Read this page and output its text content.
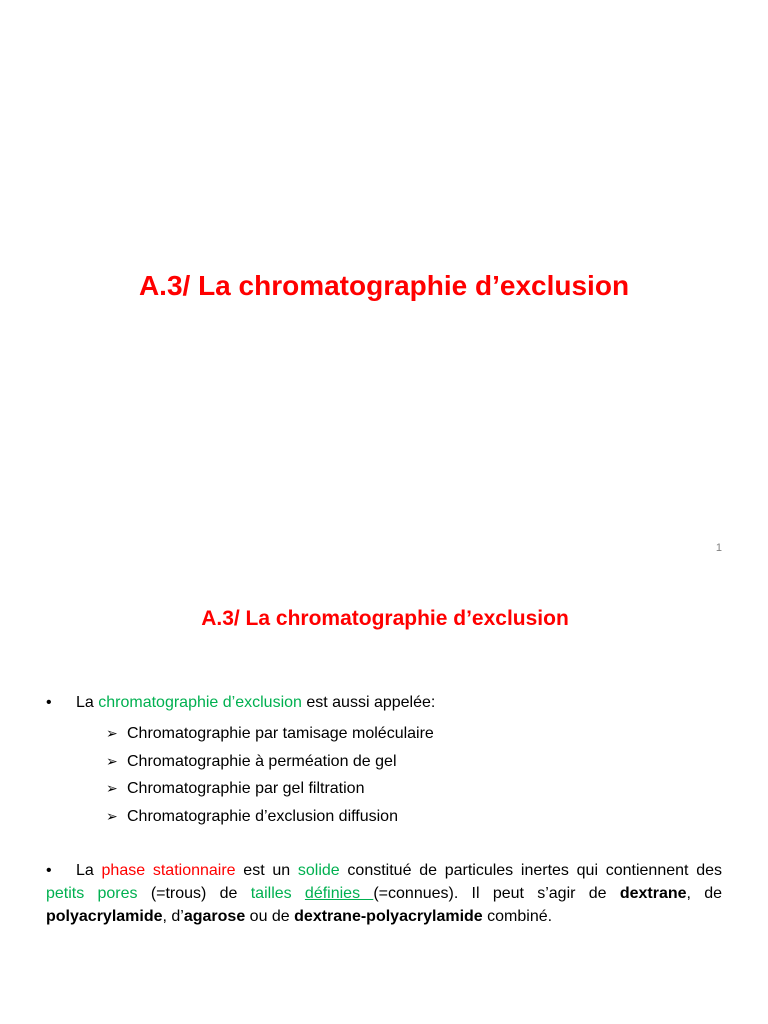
A.3/ La chromatographie d’exclusion
1
A.3/ La chromatographie d’exclusion
• La chromatographie d’exclusion est aussi appelée:
➢ Chromatographie par tamisage moléculaire
➢ Chromatographie à perméation de gel
➢ Chromatographie par gel filtration
➢ Chromatographie d’exclusion diffusion
• La phase stationnaire est un solide constitué de particules inertes qui contiennent des petits pores (=trous) de tailles définies (=connues). Il peut s’agir de dextrane, de polyacrylamide, d’agarose ou de dextrane-polyacrylamide combiné.
